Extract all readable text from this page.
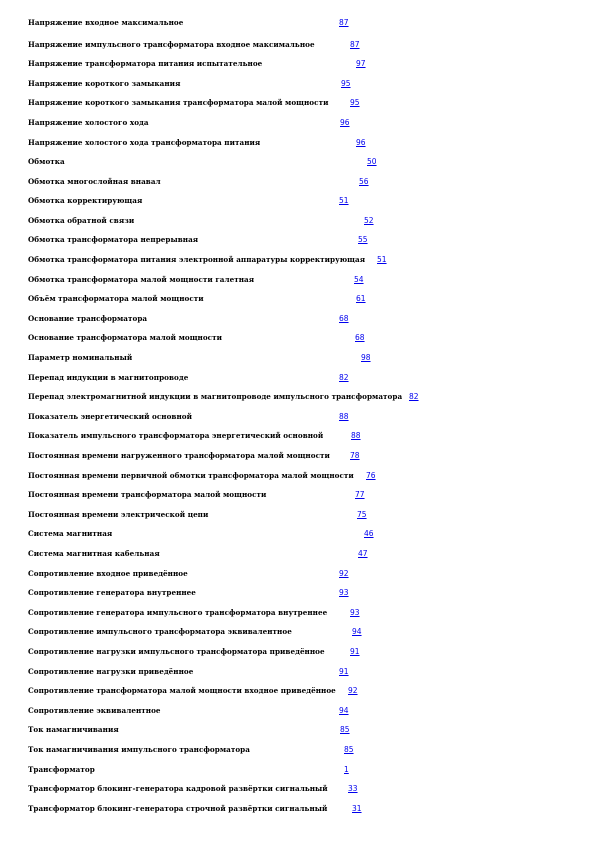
Напряжение входное максимальное	87
Напряжение импульсного трансформатора входное максимальное	87
Напряжение трансформатора питания испытательное	97
Напряжение короткого замыкания	95
Напряжение короткого замыкания трансформатора малой мощности	95
Напряжение холостого хода	96
Напряжение холостого хода трансформатора питания	96
Обмотка	50
Обмотка многослойная внавал	56
Обмотка корректирующая	51
Обмотка обратной связи	52
Обмотка трансформатора непрерывная	55
Обмотка трансформатора питания электронной аппаратуры корректирующая 51
Обмотка трансформатора малой мощности галетная	54
Объём трансформатора малой мощности	61
Основание трансформатора	68
Основание трансформатора малой мощности	68
Параметр номинальный	98
Перепад индукции в магнитопроводе	82
Перепад электромагнитной индукции в магнитопроводе импульсного трансформатора 82
Показатель энергетический основной	88
Показатель импульсного трансформатора энергетический основной	88
Постоянная времени нагруженного трансформатора малой мощности	78
Постоянная времени первичной обмотки трансформатора малой мощности 76
Постоянная времени трансформатора малой мощности	77
Постоянная времени электрической цепи	75
Система магнитная	46
Система магнитная кабельная	47
Сопротивление входное приведённое	92
Сопротивление генератора внутреннее	93
Сопротивление генератора импульсного трансформатора внутреннее	93
Сопротивление импульсного трансформатора эквивалентное	94
Сопротивление нагрузки импульсного трансформатора приведённое	91
Сопротивление нагрузки приведённое	91
Сопротивление трансформатора малой мощности входное приведённое 92
Сопротивление эквивалентное	94
Ток намагничивания	85
Ток намагничивания импульсного трансформатора	85
Трансформатор	1
Трансформатор блокинг-генератора кадровой развёртки сигнальный	33
Трансформатор блокинг-генератора строчной развёртки сигнальный	31
